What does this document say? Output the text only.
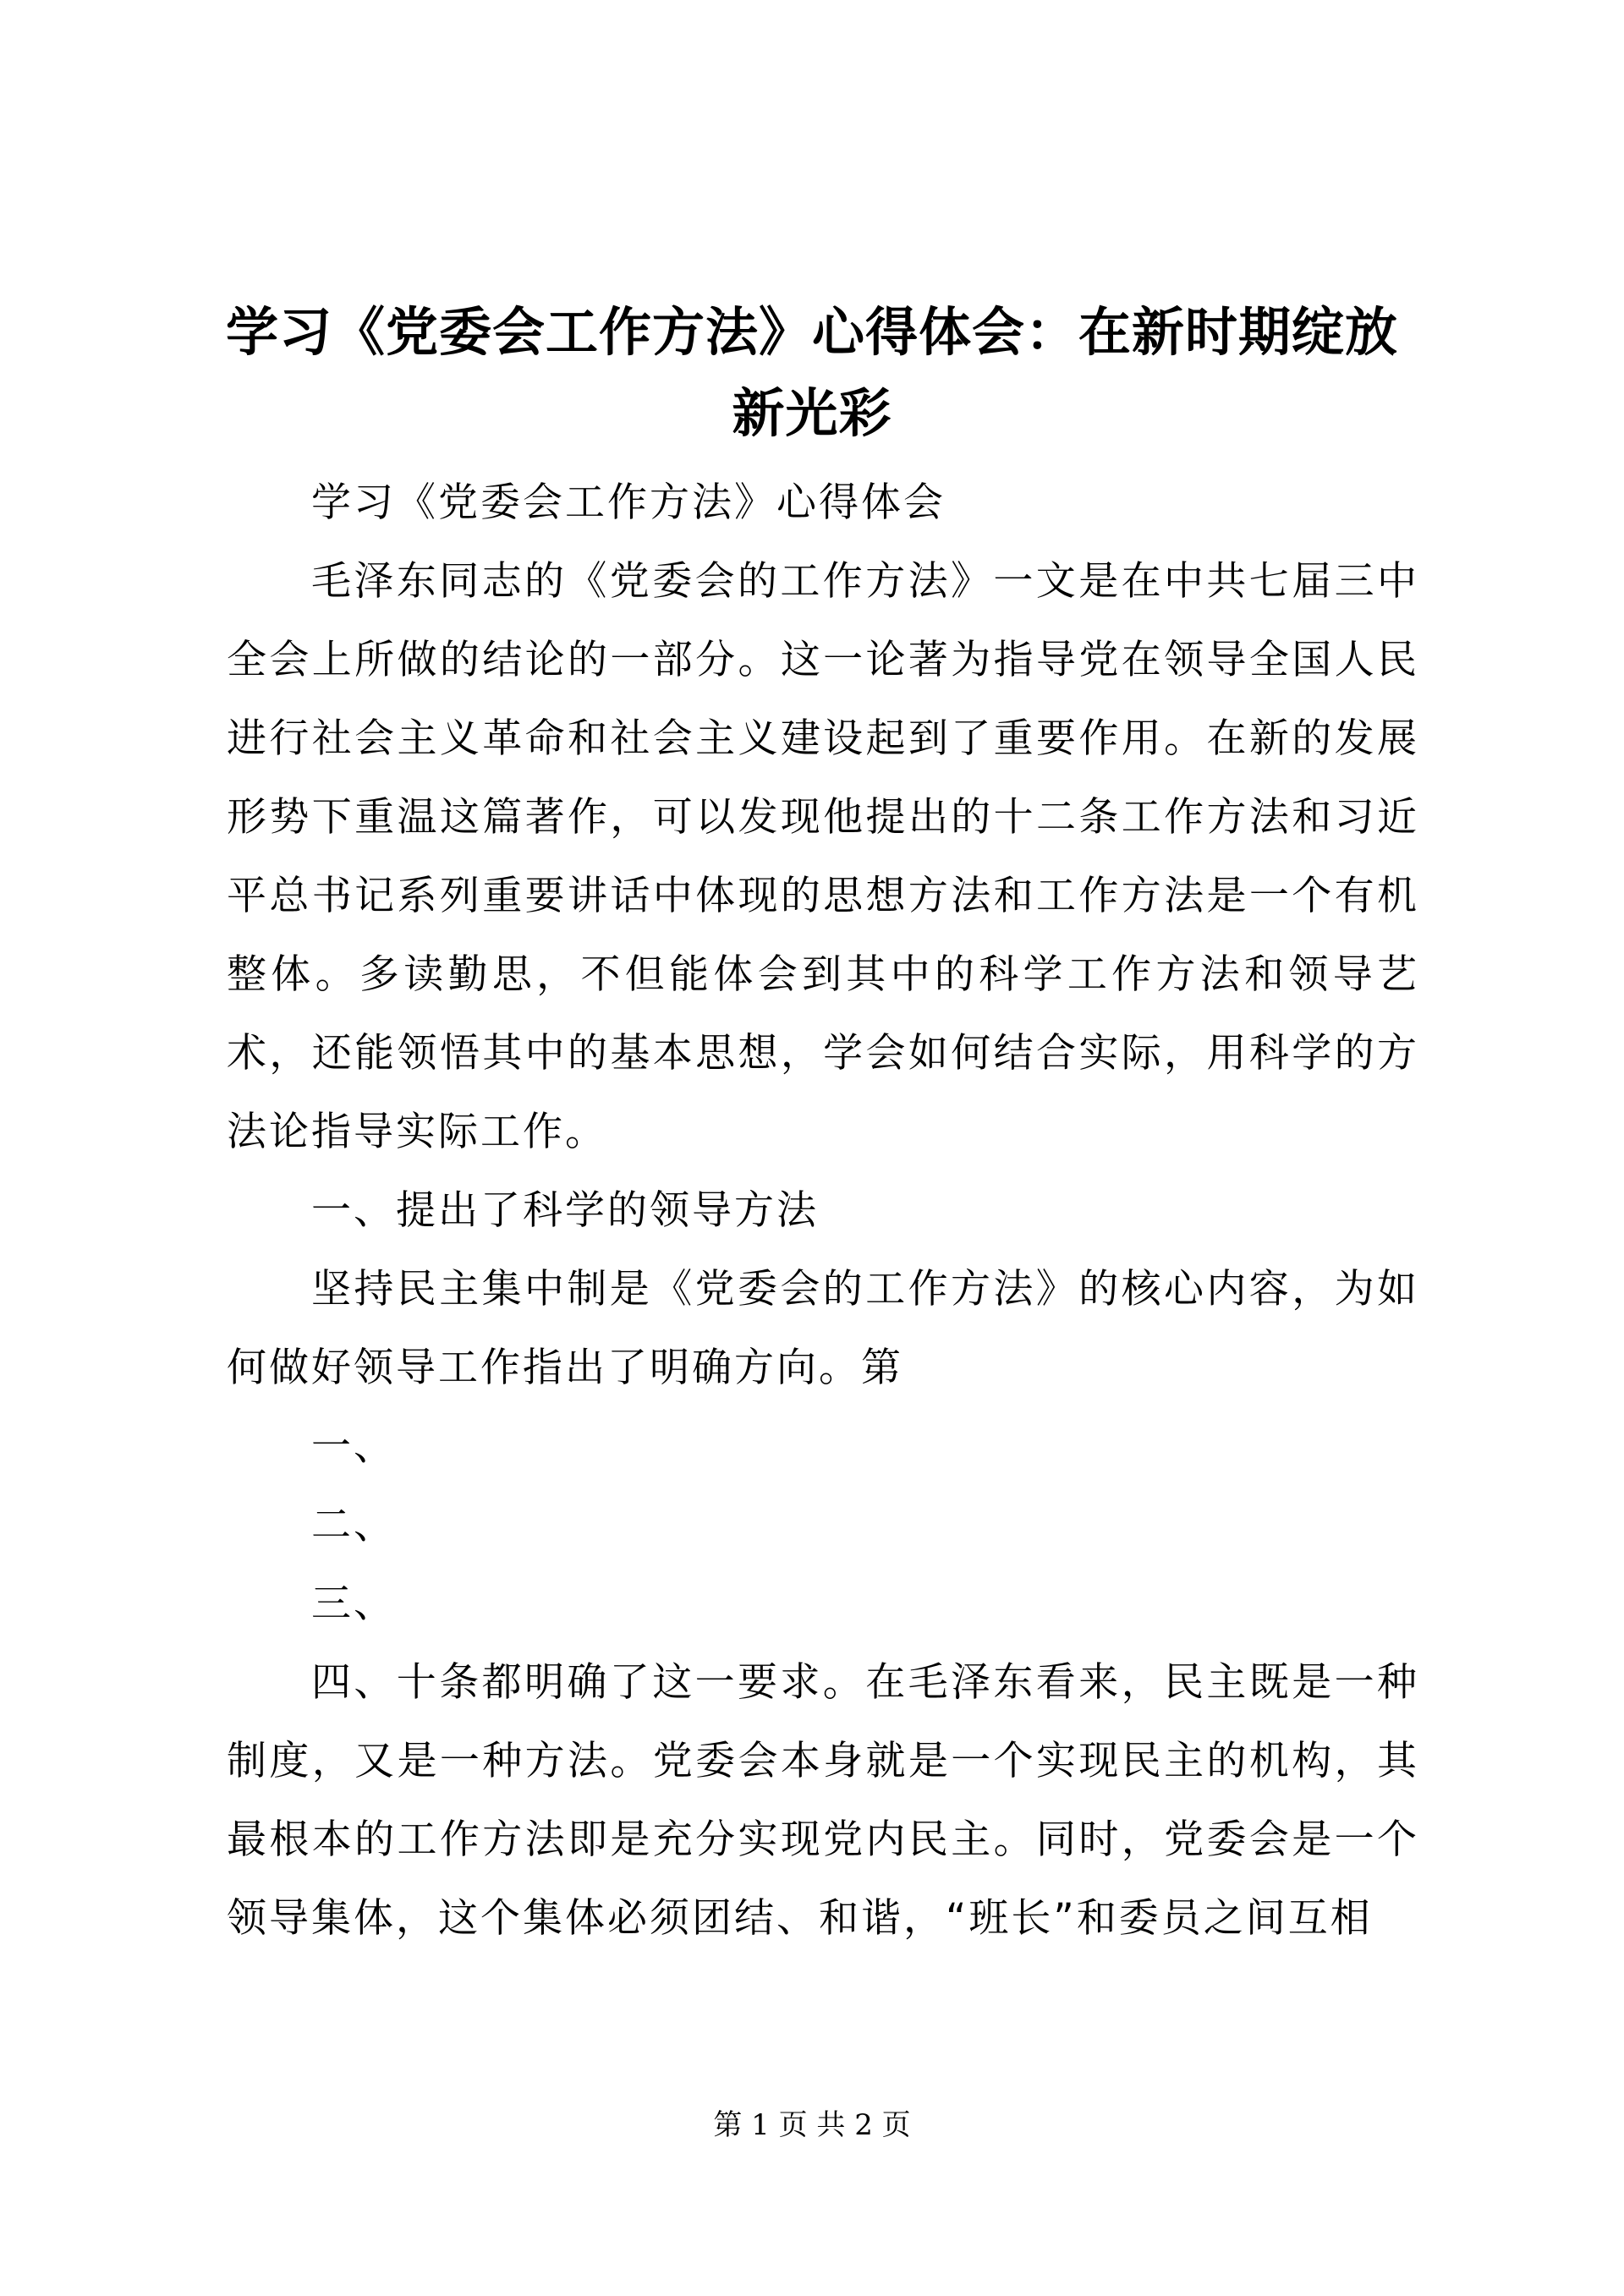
学习《党委会工作方法》心得体会：在新时期绽放新光彩

学习《党委会工作方法》心得体会

毛泽东同志的《党委会的工作方法》一文是在中共七届三中全会上所做的结论的一部分。这一论著为指导党在领导全国人民进行社会主义革命和社会主义建设起到了重要作用。在新的发展形势下重温这篇著作，可以发现他提出的十二条工作方法和习近平总书记系列重要讲话中体现的思想方法和工作方法是一个有机整体。多读勤思，不但能体会到其中的科学工作方法和领导艺术，还能领悟其中的基本思想，学会如何结合实际，用科学的方法论指导实际工作。

一、提出了科学的领导方法

坚持民主集中制是《党委会的工作方法》的核心内容，为如何做好领导工作指出了明确方向。第

一、

二、

三、

四、十条都明确了这一要求。在毛泽东看来，民主既是一种制度，又是一种方法。党委会本身就是一个实现民主的机构，其最根本的工作方法即是充分实现党内民主。同时，党委会是一个领导集体，这个集体必须团结、和谐，“班长”和委员之间互相

第 1 页 共 2 页
